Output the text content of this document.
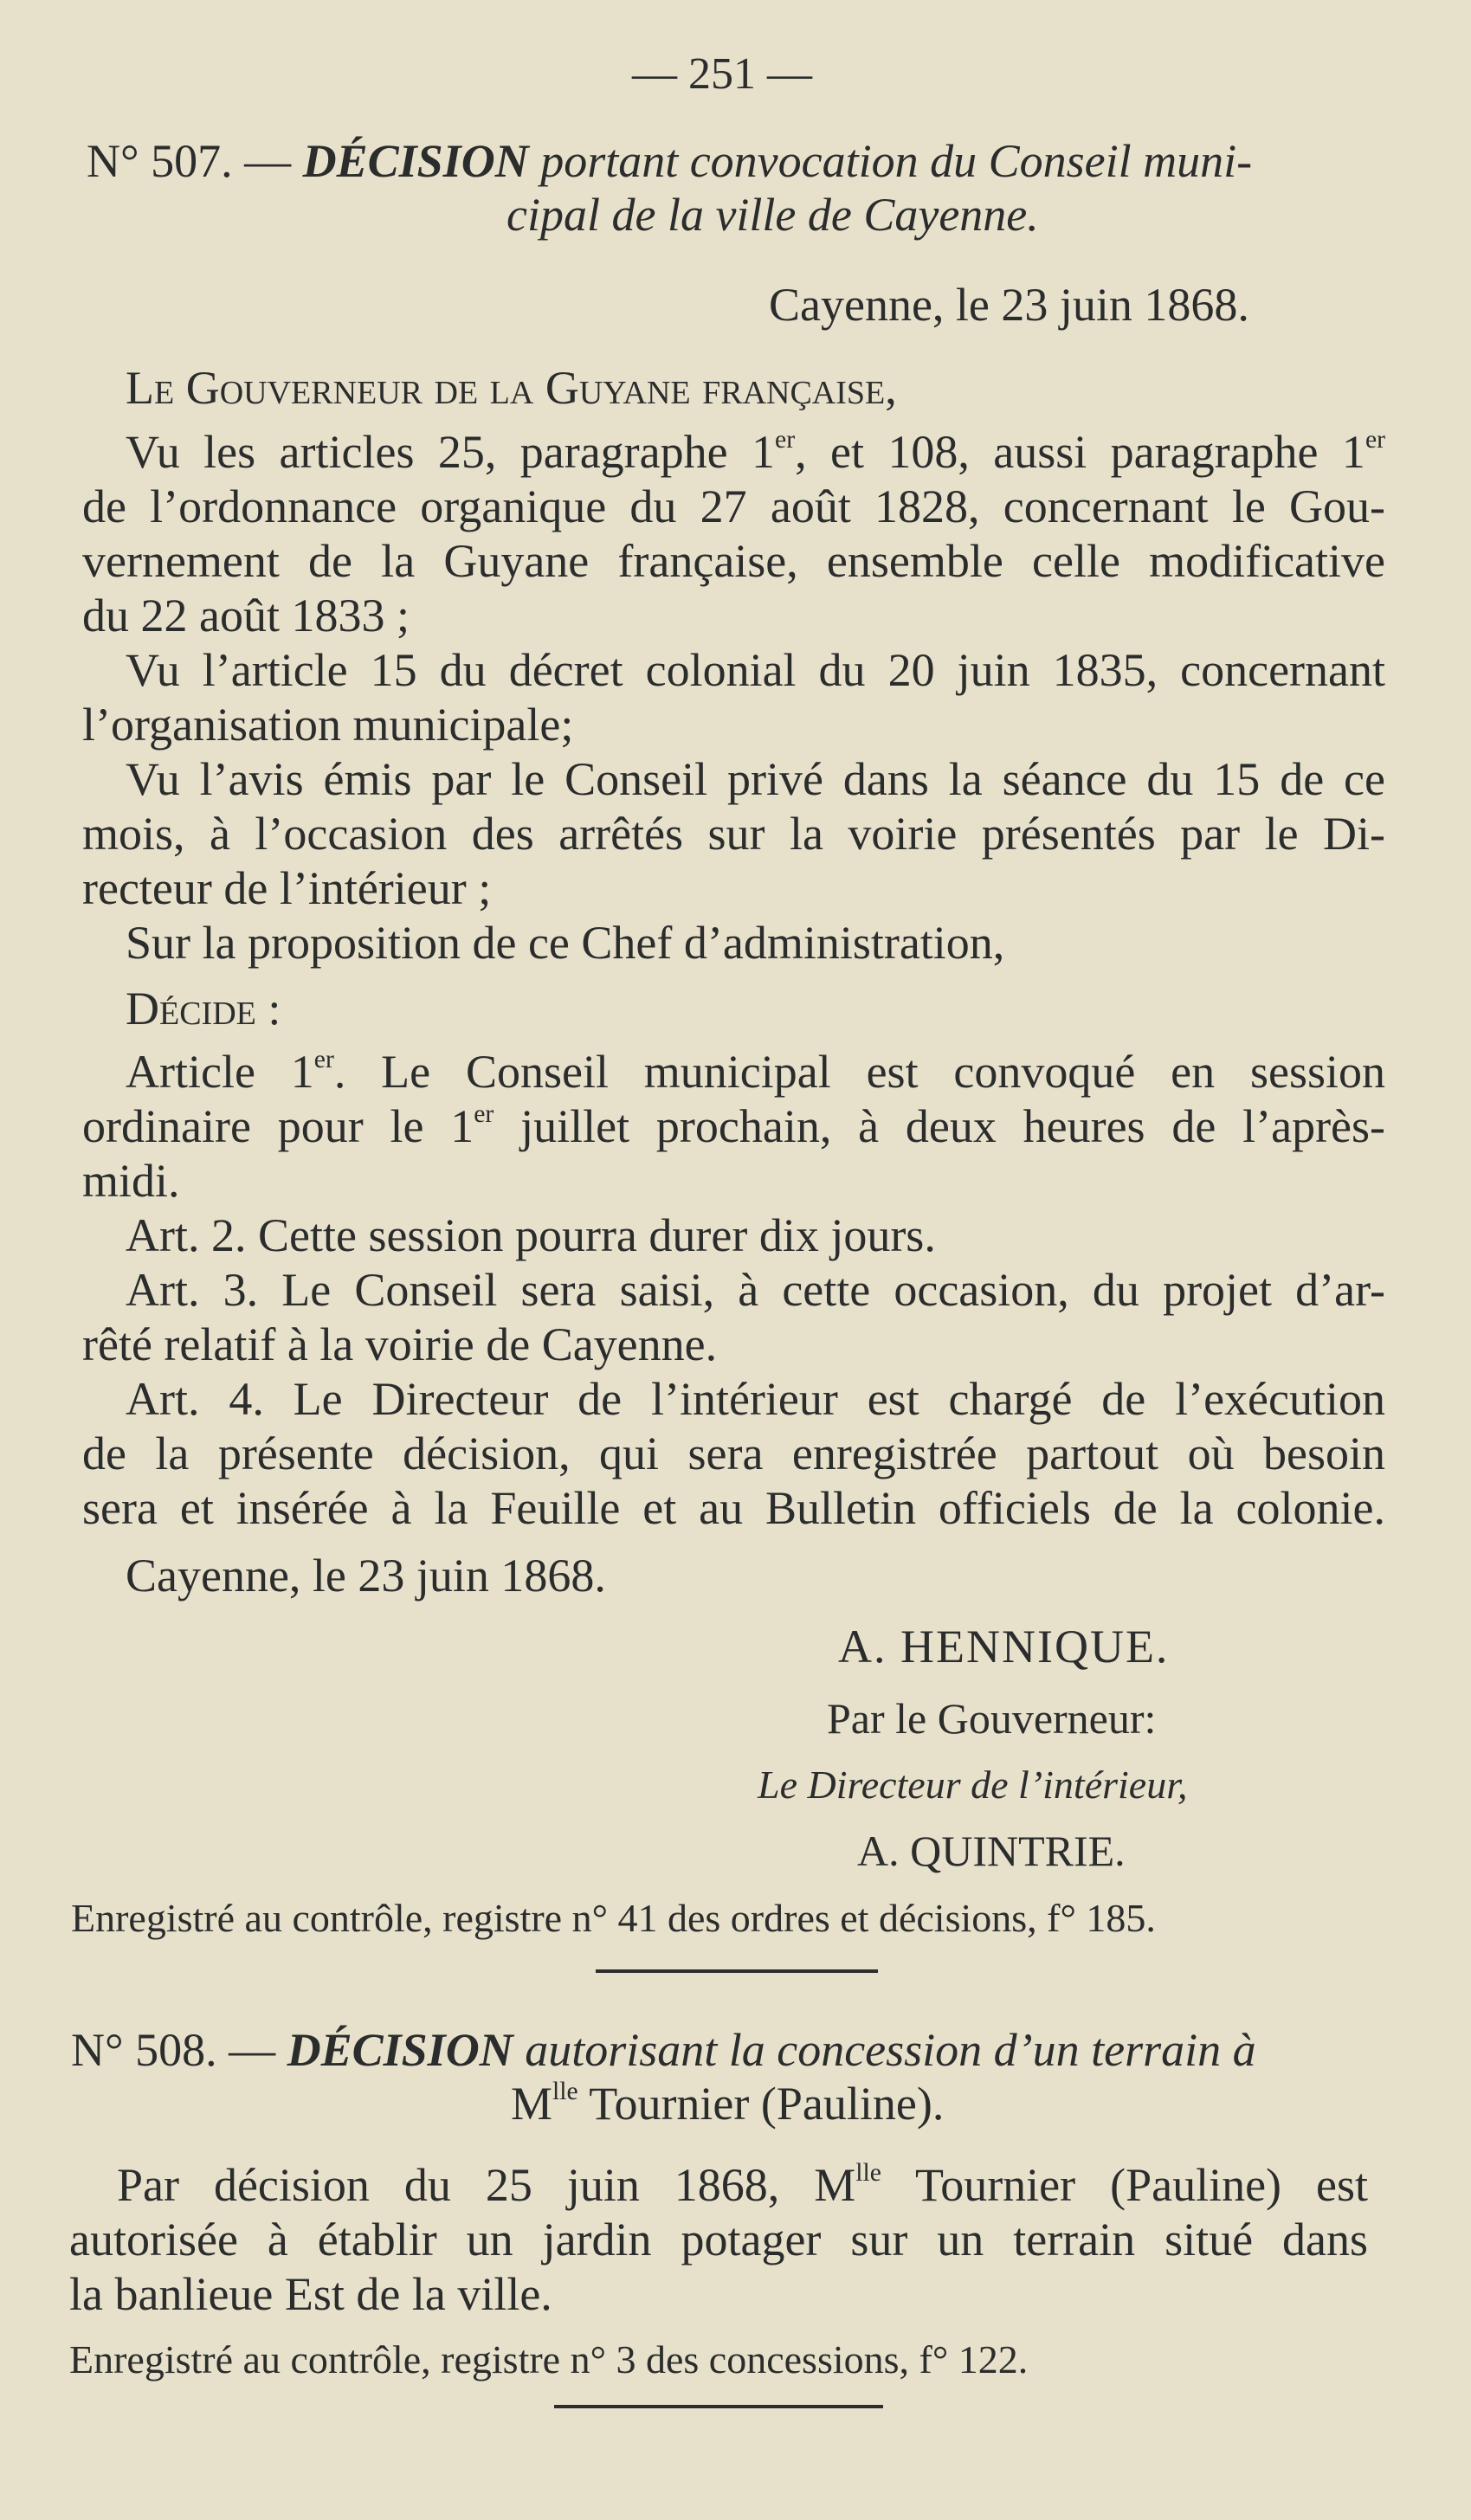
— 251 —
N° 507. — DÉCISION portant convocation du Conseil muni-
cipal de la ville de Cayenne.
Cayenne, le 23 juin 1868.
Le Gouverneur de la Guyane française,
Vu les articles 25, paragraphe 1er, et 108, aussi paragraphe 1er
de l’ordonnance organique du 27 août 1828, concernant le Gou-
vernement de la Guyane française, ensemble celle modificative
du 22 août 1833 ;
Vu l’article 15 du décret colonial du 20 juin 1835, concernant
l’organisation municipale;
Vu l’avis émis par le Conseil privé dans la séance du 15 de ce
mois, à l’occasion des arrêtés sur la voirie présentés par le Di-
recteur de l’intérieur ;
Sur la proposition de ce Chef d’administration,
Décide :
Article 1er. Le Conseil municipal est convoqué en session
ordinaire pour le 1er juillet prochain, à deux heures de l’après-
midi.
Art. 2. Cette session pourra durer dix jours.
Art. 3. Le Conseil sera saisi, à cette occasion, du projet d’ar-
rêté relatif à la voirie de Cayenne.
Art. 4. Le Directeur de l’intérieur est chargé de l’exécution
de la présente décision, qui sera enregistrée partout où besoin
sera et insérée à la Feuille et au Bulletin officiels de la colonie.
Cayenne, le 23 juin 1868.
A. HENNIQUE.
Par le Gouverneur:
Le Directeur de l’intérieur,
A. QUINTRIE.
Enregistré au contrôle, registre n° 41 des ordres et décisions, f° 185.
N° 508. — DÉCISION autorisant la concession d’un terrain à
$M^{lle}$ Tournier (Pauline).
Par décision du 25 juin 1868, $M^{lle}$ Tournier (Pauline) est
autorisée à établir un jardin potager sur un terrain situé dans
la banlieue Est de la ville.
Enregistré au contrôle, registre n° 3 des concessions, f° 122.
